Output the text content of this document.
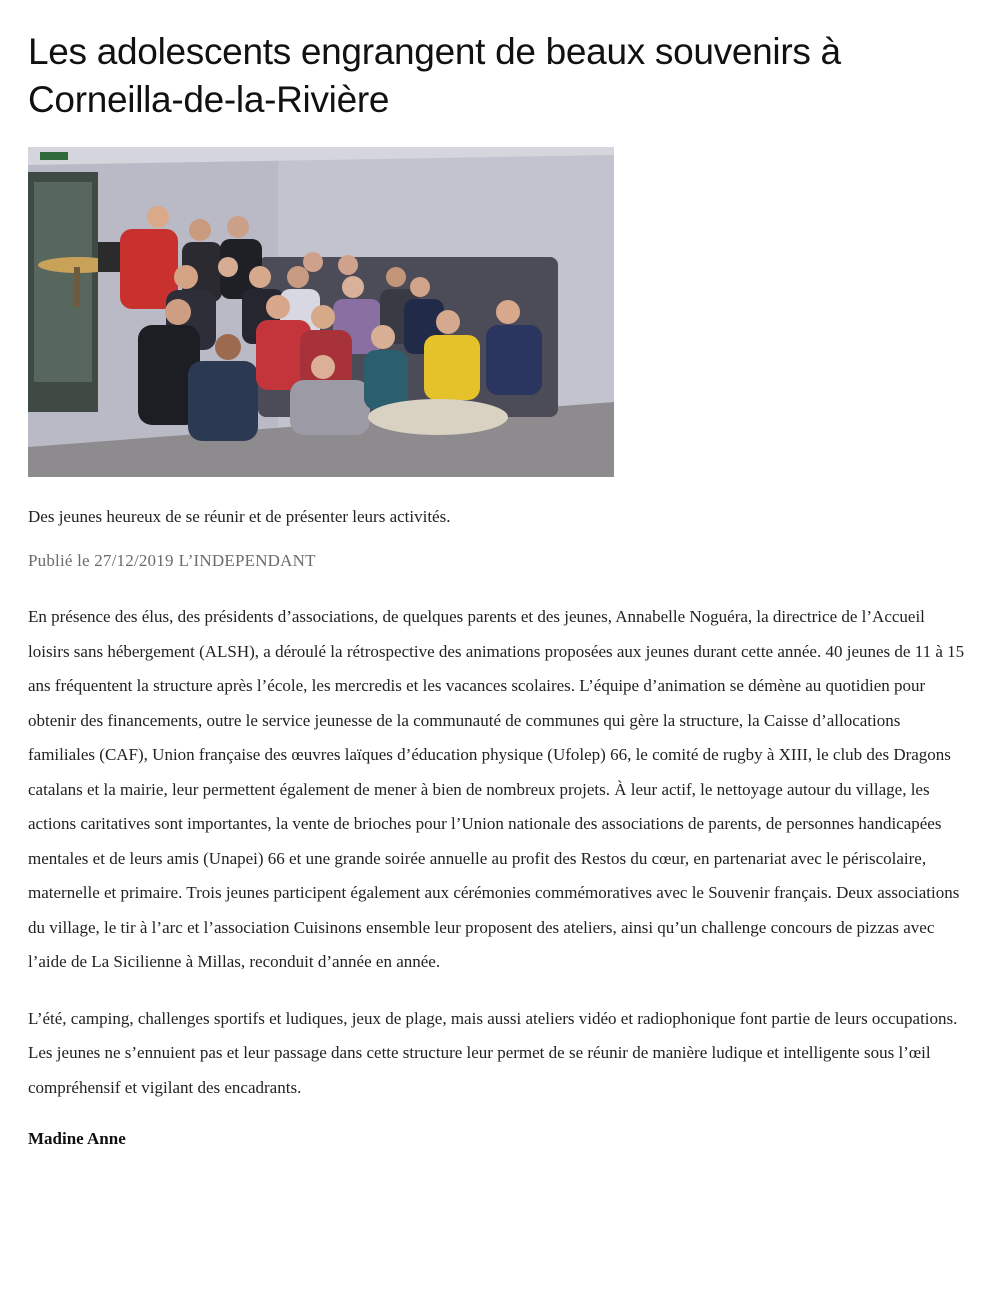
Les adolescents engrangent de beaux souvenirs à Corneilla-de-la-Rivière
Des jeunes heureux de se réunir et de présenter leurs activités.
Publié le 27/12/2019 L’INDEPENDANT

En présence des élus, des présidents d’associations, de quelques parents et des jeunes, Annabelle Noguéra, la directrice de l’Accueil loisirs sans hébergement (ALSH), a déroulé la rétrospective des animations proposées aux jeunes durant cette année. 40 jeunes de 11 à 15 ans fréquentent la structure après l’école, les mercredis et les vacances scolaires. L’équipe d’animation se démène au quotidien pour obtenir des financements, outre le service jeunesse de la communauté de communes qui gère la structure, la Caisse d’allocations familiales (CAF), Union française des œuvres laïques d’éducation physique (Ufolep) 66, le comité de rugby à XIII, le club des Dragons catalans et la mairie, leur permettent également de mener à bien de nombreux projets. À leur actif, le nettoyage autour du village, les actions caritatives sont importantes, la vente de brioches pour l’Union nationale des associations de parents, de personnes handicapées mentales et de leurs amis (Unapei) 66 et une grande soirée annuelle au profit des Restos du cœur, en partenariat avec le périscolaire, maternelle et primaire. Trois jeunes participent également aux cérémonies commémoratives avec le Souvenir français. Deux associations du village, le tir à l’arc et l’association Cuisinons ensemble leur proposent des ateliers, ainsi qu’un challenge concours de pizzas avec l’aide de La Sicilienne à Millas, reconduit d’année en année.

L’été, camping, challenges sportifs et ludiques, jeux de plage, mais aussi ateliers vidéo et radiophonique font partie de leurs occupations. Les jeunes ne s’ennuient pas et leur passage dans cette structure leur permet de se réunir de manière ludique et intelligente sous l’œil compréhensif et vigilant des encadrants.

Madine Anne
